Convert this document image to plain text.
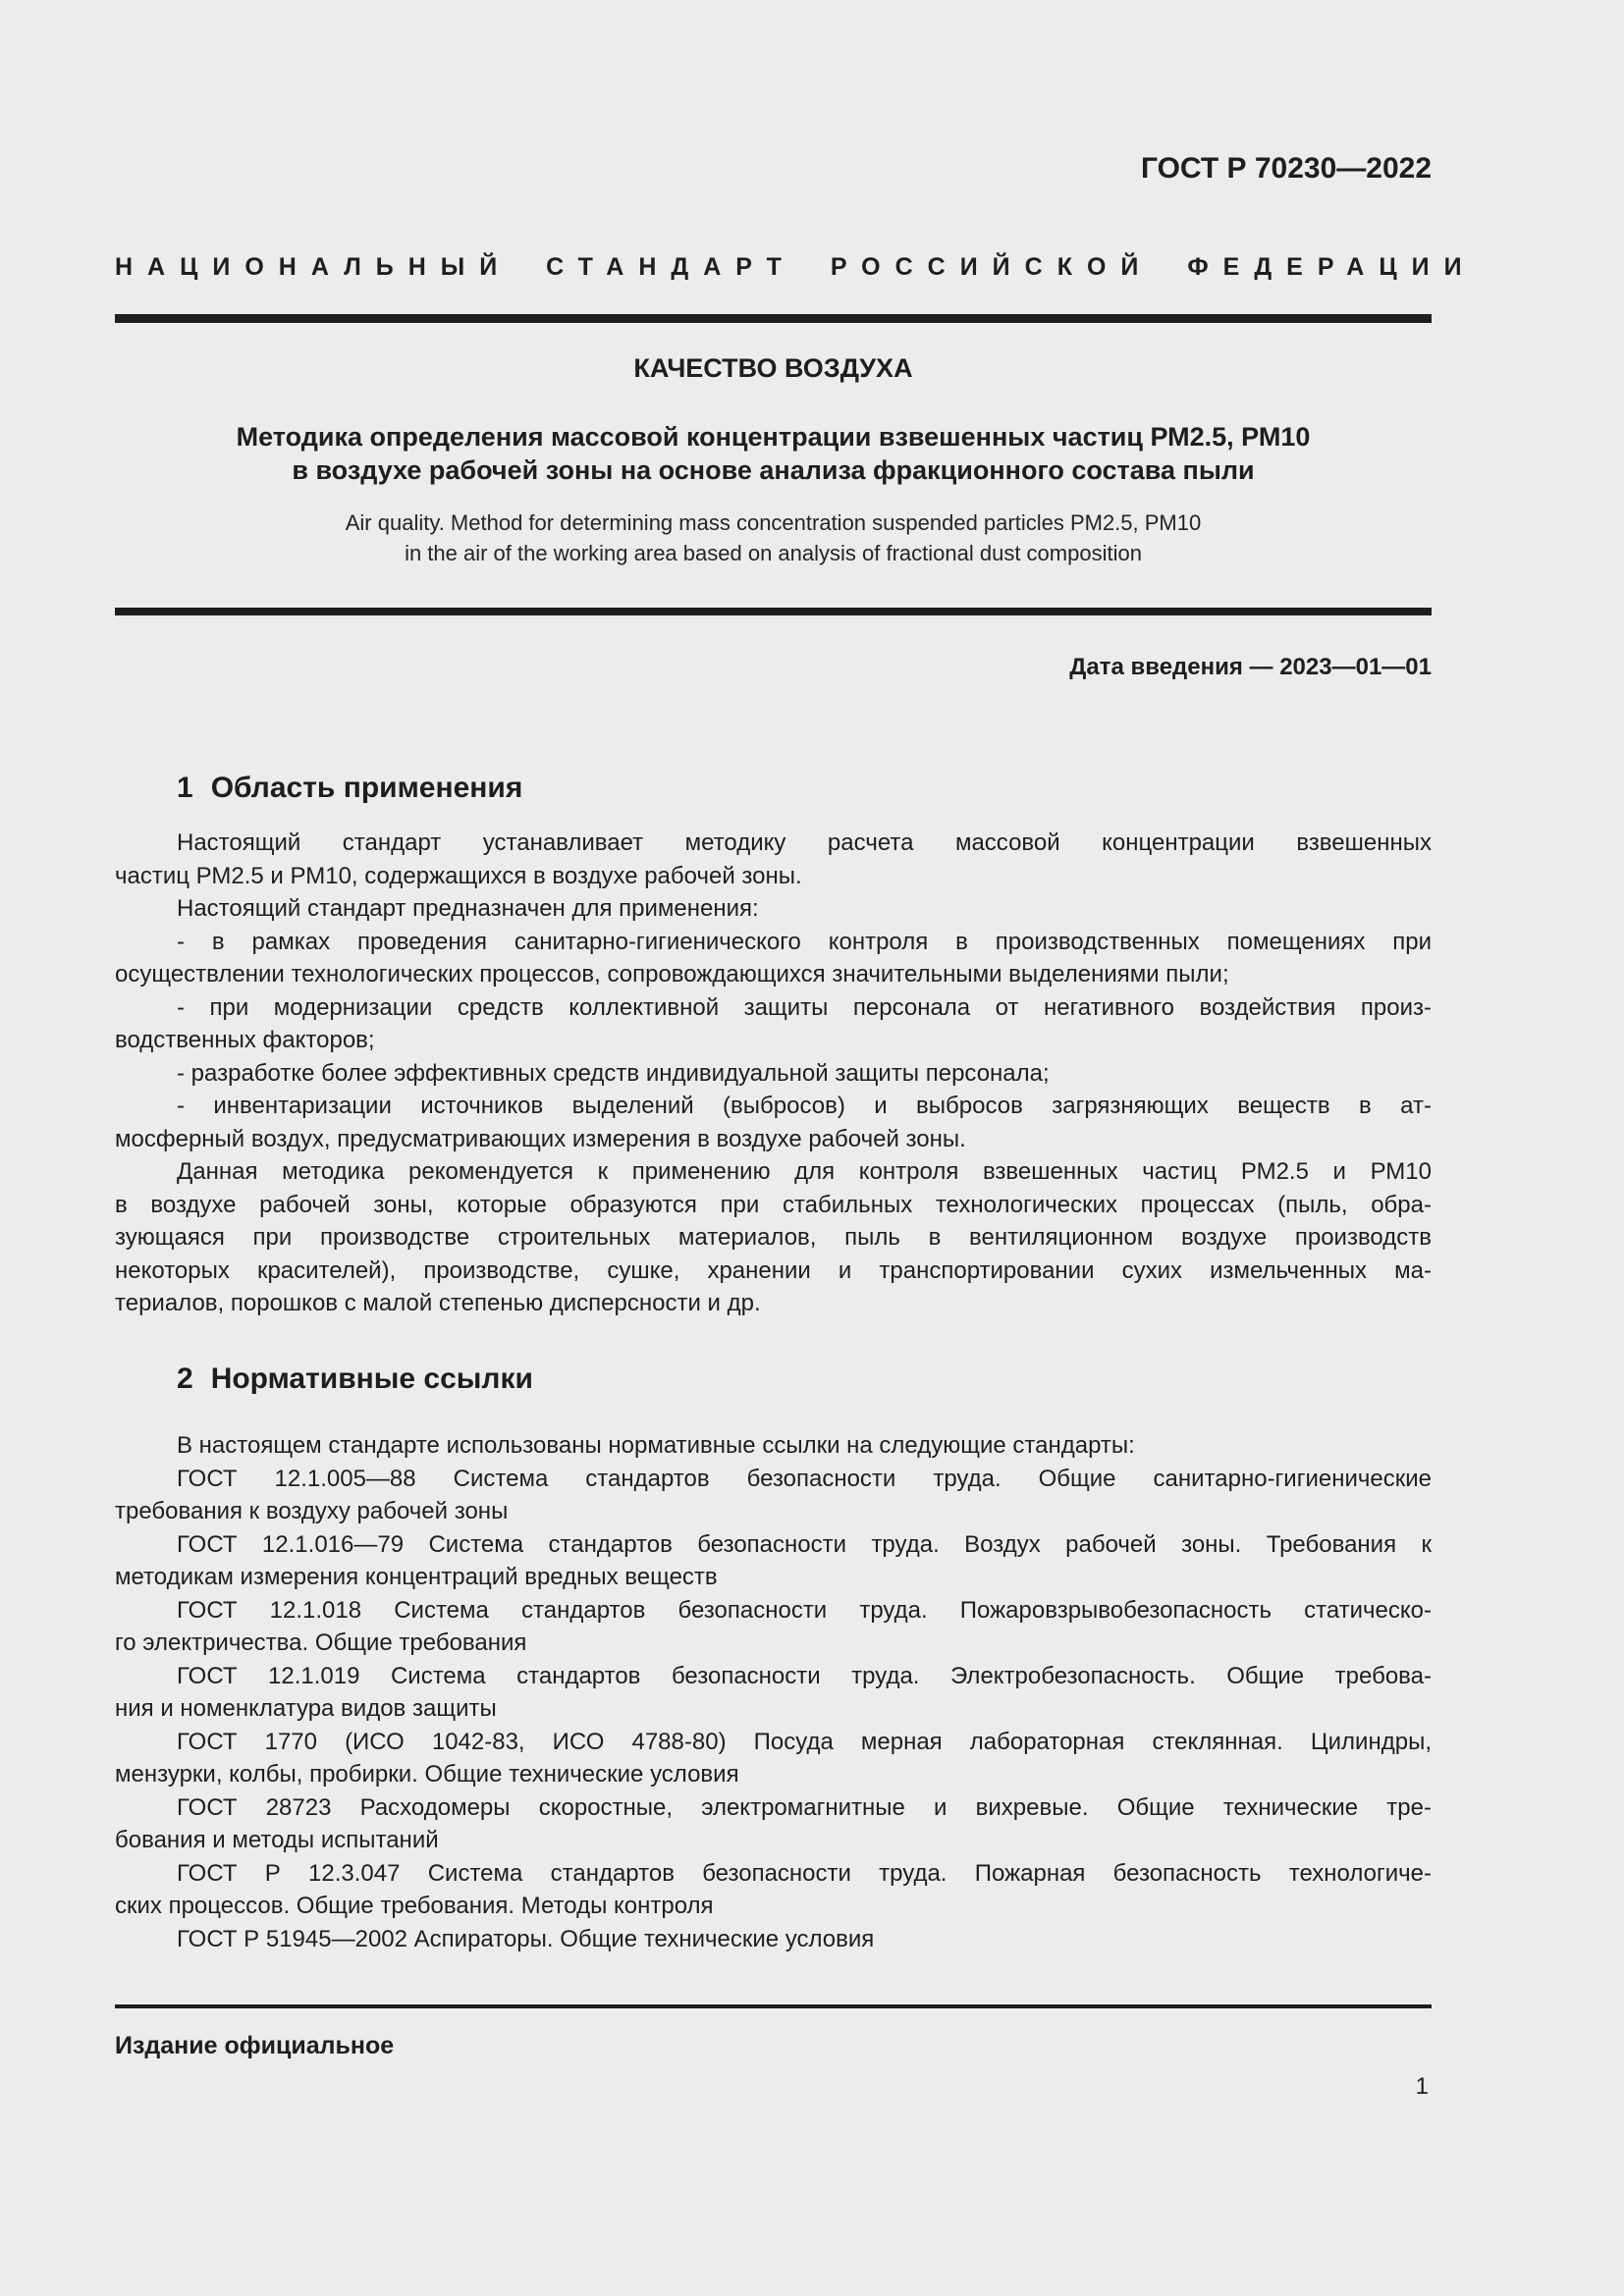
ГОСТ Р 70230—2022
НАЦИОНАЛЬНЫЙ СТАНДАРТ РОССИЙСКОЙ ФЕДЕРАЦИИ
КАЧЕСТВО ВОЗДУХА
Методика определения массовой концентрации взвешенных частиц РМ2.5, РМ10
в воздухе рабочей зоны на основе анализа фракционного состава пыли
Air quality. Method for determining mass concentration suspended particles PM2.5, PM10
in the air of the working area based on analysis of fractional dust composition
Дата введения — 2023—01—01
1 Область применения
Настоящий стандарт устанавливает методику расчета массовой концентрации взвешенных
частиц РМ2.5 и РМ10, содержащихся в воздухе рабочей зоны.
Настоящий стандарт предназначен для применения:
- в рамках проведения санитарно-гигиенического контроля в производственных помещениях при
осуществлении технологических процессов, сопровождающихся значительными выделениями пыли;
- при модернизации средств коллективной защиты персонала от негативного воздействия произ-
водственных факторов;
- разработке более эффективных средств индивидуальной защиты персонала;
- инвентаризации источников выделений (выбросов) и выбросов загрязняющих веществ в ат-
мосферный воздух, предусматривающих измерения в воздухе рабочей зоны.
Данная методика рекомендуется к применению для контроля взвешенных частиц РМ2.5 и РМ10
в воздухе рабочей зоны, которые образуются при стабильных технологических процессах (пыль, обра-
зующаяся при производстве строительных материалов, пыль в вентиляционном воздухе производств
некоторых красителей), производстве, сушке, хранении и транспортировании сухих измельченных ма-
териалов, порошков с малой степенью дисперсности и др.
2 Нормативные ссылки
В настоящем стандарте использованы нормативные ссылки на следующие стандарты:
ГОСТ 12.1.005—88 Система стандартов безопасности труда. Общие санитарно-гигиенические
требования к воздуху рабочей зоны
ГОСТ 12.1.016—79 Система стандартов безопасности труда. Воздух рабочей зоны. Требования к
методикам измерения концентраций вредных веществ
ГОСТ 12.1.018 Система стандартов безопасности труда. Пожаровзрывобезопасность статическо-
го электричества. Общие требования
ГОСТ 12.1.019 Система стандартов безопасности труда. Электробезопасность. Общие требова-
ния и номенклатура видов защиты
ГОСТ 1770 (ИСО 1042-83, ИСО 4788-80) Посуда мерная лабораторная стеклянная. Цилиндры,
мензурки, колбы, пробирки. Общие технические условия
ГОСТ 28723 Расходомеры скоростные, электромагнитные и вихревые. Общие технические тре-
бования и методы испытаний
ГОСТ Р 12.3.047 Система стандартов безопасности труда. Пожарная безопасность технологиче-
ских процессов. Общие требования. Методы контроля
ГОСТ Р 51945—2002 Аспираторы. Общие технические условия
Издание официальное
1
